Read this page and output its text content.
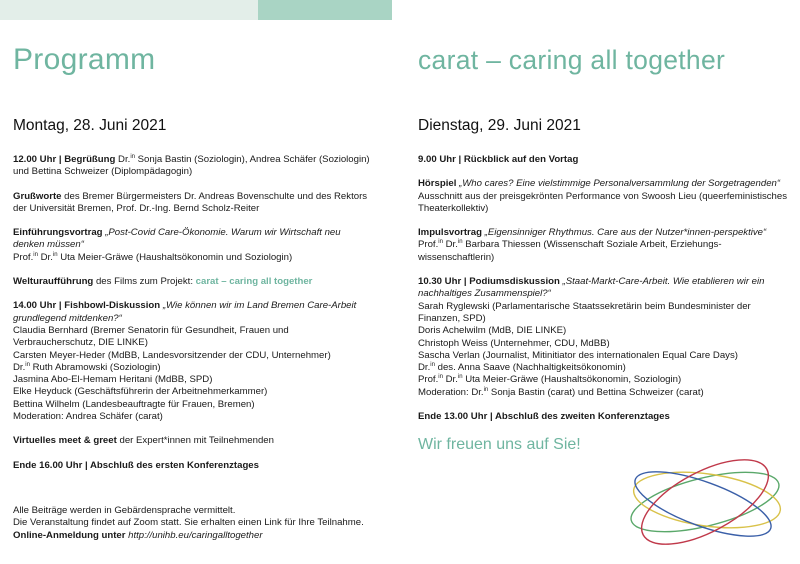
Programm
Montag, 28. Juni 2021

12.00 Uhr | Begrüßung Dr.$^{in}$ Sonja Bastin (Soziologin), Andrea Schäfer (Soziologin) und Bettina Schweizer (Diplompädagogin)

Grußworte des Bremer Bürgermeisters Dr. Andreas Bovenschulte und des Rektors der Universität Bremen, Prof. Dr.-Ing. Bernd Scholz-Reiter

Einführungsvortrag „Post-Covid Care-Ökonomie. Warum wir Wirtschaft neu denken müssen“
Prof.$^{in}$ Dr.$^{in}$ Uta Meier-Gräwe (Haushaltsökonomin und Soziologin)

Welturaufführung des Films zum Projekt: carat – caring all together

14.00 Uhr | Fishbowl-Diskussion „Wie können wir im Land Bremen Care-Arbeit grundlegend mitdenken?“

Claudia Bernhard (Bremer Senatorin für Gesundheit, Frauen und Verbraucherschutz, DIE LINKE)

Carsten Meyer-Heder (MdBB, Landesvorsitzender der CDU, Unternehmer)

Dr.$^{in}$ Ruth Abramowski (Soziologin)

Jasmina Abo-El-Hemam Heritani (MdBB, SPD)

Elke Heyduck (Geschäftsführerin der Arbeitnehmerkammer)

Bettina Wilhelm (Landesbeauftragte für Frauen, Bremen)

Moderation: Andrea Schäfer (carat)

Virtuelles meet & greet der Expert*innen mit Teilnehmenden

Ende 16.00 Uhr | Abschluß des ersten Konferenztages

Alle Beiträge werden in Gebärdensprache vermittelt.

Die Veranstaltung findet auf Zoom statt. Sie erhalten einen Link für Ihre Teilnahme. Online-Anmeldung unter http://unihb.eu/caringalltogether

carat – caring all together
Dienstag, 29. Juni 2021

9.00 Uhr | Rückblick auf den Vortag

Hörspiel „Who cares? Eine vielstimmige Personalversammlung der Sorgetragenden“ Ausschnitt aus der preisgekrönten Performance von Swoosh Lieu (queerfeministisches Theaterkollektiv)

Impulsvortrag „Eigensinniger Rhythmus. Care aus der Nutzer*innen-perspektive“
Prof.$^{in}$ Dr.$^{in}$ Barbara Thiessen (Wissenschaft Soziale Arbeit, Erziehungs-wissenschaftlerin)

10.30 Uhr | Podiumsdiskussion „Staat-Markt-Care-Arbeit. Wie etablieren wir ein nachhaltiges Zusammenspiel?“

Sarah Ryglewski (Parlamentarische Staatssekretärin beim Bundesminister der Finanzen, SPD)

Doris Achelwilm (MdB, DIE LINKE)

Christoph Weiss (Unternehmer, CDU, MdBB)

Sascha Verlan (Journalist, Mitinitiator des internationalen Equal Care Days)

Dr.$^{in}$ des. Anna Saave (Nachhaltigkeitsökonomin)

Prof.$^{in}$ Dr.$^{in}$ Uta Meier-Gräwe (Haushaltsökonomin, Soziologin)

Moderation: Dr.$^{in}$ Sonja Bastin (carat) und Bettina Schweizer (carat)

Ende 13.00 Uhr | Abschluß des zweiten Konferenztages

Wir freuen uns auf Sie!
